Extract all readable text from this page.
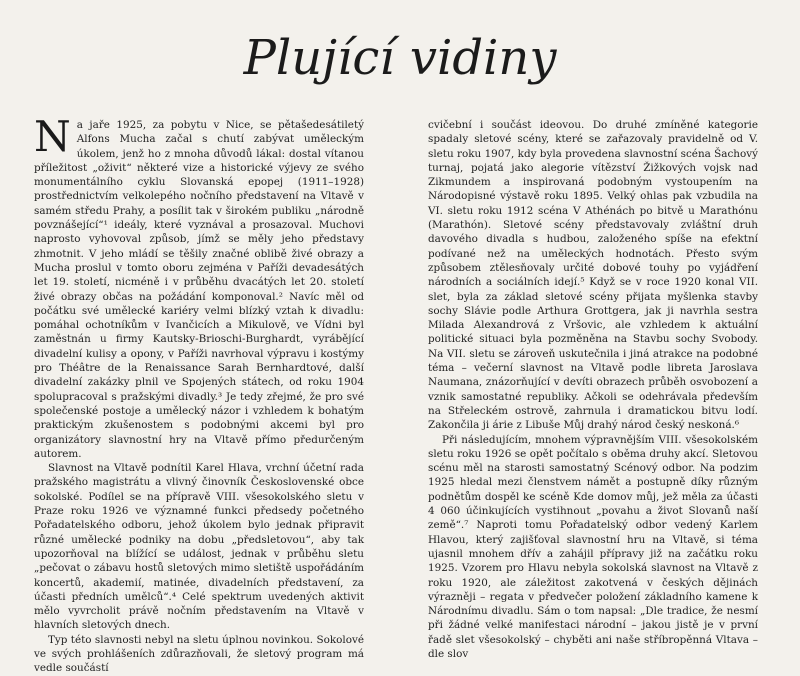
Plující vidiny

Na jaře 1925, za pobytu v Nice, se pětašedesátiletý Alfons Mucha začal s chutí zabývat uměleckým úkolem, jenž ho z mnoha důvodů lákal: dostal vítanou příležitost „oživit“ některé vize a historické výjevy ze svého monumentálního cyklu Slovanská epopej (1911–1928) prostřednictvím velkolepého nočního představení na Vltavě v samém středu Prahy, a posílit tak v širokém publiku „národně povznášející“¹ ideály, které vyznával a prosazoval. Muchovi naprosto vyhovoval způsob, jímž se měly jeho představy zhmotnit. V jeho mládí se těšily značné oblibě živé obrazy a Mucha proslul v tomto oboru zejména v Paříži devadesátých let 19. století, nicméně i v průběhu dvacátých let 20. století živé obrazy občas na požádání komponoval.² Navíc měl od počátku své umělecké kariéry velmi blízký vztah k divadlu: pomáhal ochotníkům v Ivančicích a Mikulově, ve Vídni byl zaměstnán u firmy Kautsky-Brioschi-Burghardt, vyrábějící divadelní kulisy a opony, v Paříži navrhoval výpravu i kostýmy pro Théâtre de la Renaissance Sarah Bernhardtové, další divadelní zakázky plnil ve Spojených státech, od roku 1904 spolupracoval s pražskými divadly.³ Je tedy zřejmé, že pro své společenské postoje a umělecký názor i vzhledem k bohatým praktickým zkušenostem s podobnými akcemi byl pro organizátory slavnostní hry na Vltavě přímo předurčeným autorem.

Slavnost na Vltavě podnítil Karel Hlava, vrchní účetní rada pražského magistrátu a vlivný činovník Československé obce sokolské. Podílel se na přípravě VIII. všesokolského sletu v Praze roku 1926 ve významné funkci předsedy početného Pořadatelského odboru, jehož úkolem bylo jednak připravit různé umělecké podniky na dobu „předsletovou“, aby tak upozorňoval na blížící se událost, jednak v průběhu sletu „pečovat o zábavu hostů sletových mimo sletiště uspořádáním koncertů, akademií, matinée, divadelních představení, za účasti předních umělců“.⁴ Celé spektrum uvedených aktivit mělo vyvrcholit právě nočním představením na Vltavě v hlavních sletových dnech.

Typ této slavnosti nebyl na sletu úplnou novinkou. Sokolové ve svých prohlášeních zdůrazňovali, že sletový program má vedle součástí

cvičební i součást ideovou. Do druhé zmíněné kategorie spadaly sletové scény, které se zařazovaly pravidelně od V. sletu roku 1907, kdy byla provedena slavnostní scéna Šachový turnaj, pojatá jako alegorie vítězství Žižkových vojsk nad Zikmundem a inspirovaná podobným vystoupením na Národopisné výstavě roku 1895. Velký ohlas pak vzbudila na VI. sletu roku 1912 scéna V Athénách po bitvě u Marathónu (Marathón). Sletové scény představovaly zvláštní druh davového divadla s hudbou, založeného spíše na efektní podívané než na uměleckých hodnotách. Přesto svým způsobem ztělesňovaly určité dobové touhy po vyjádření národních a sociálních idejí.⁵ Když se v roce 1920 konal VII. slet, byla za základ sletové scény přijata myšlenka stavby sochy Slávie podle Arthura Grottgera, jak ji navrhla sestra Milada Alexandrová z Vršovic, ale vzhledem k aktuální politické situaci byla pozměněna na Stavbu sochy Svobody. Na VII. sletu se zároveň uskutečnila i jiná atrakce na podobné téma – večerní slavnost na Vltavě podle libreta Jaroslava Naumana, znázorňující v devíti obrazech průběh osvobození a vznik samostatné republiky. Ačkoli se odehrávala především na Střeleckém ostrově, zahrnula i dramatickou bitvu lodí. Zakončila ji árie z Libuše Můj drahý národ český neskoná.⁶

Při následujícím, mnohem výpravnějším VIII. všesokolském sletu roku 1926 se opět počítalo s oběma druhy akcí. Sletovou scénu měl na starosti samostatný Scénový odbor. Na podzim 1925 hledal mezi členstvem námět a postupně díky různým podnětům dospěl ke scéně Kde domov můj, jež měla za účasti 4 060 účinkujících vystihnout „povahu a život Slovanů naší země“.⁷ Naproti tomu Pořadatelský odbor vedený Karlem Hlavou, který zajišťoval slavnostní hru na Vltavě, si téma ujasnil mnohem dřív a zahájil přípravy již na začátku roku 1925. Vzorem pro Hlavu nebyla sokolská slavnost na Vltavě z roku 1920, ale záležitost zakotvená v českých dějinách výrazněji – regata v předvečer položení základního kamene k Národnímu divadlu. Sám o tom napsal: „Dle tradice, že nesmí při žádné velké manifestaci národní – jakou jistě je v první řadě slet všesokolský – chyběti ani naše stříbropěnná Vltava – dle slov
